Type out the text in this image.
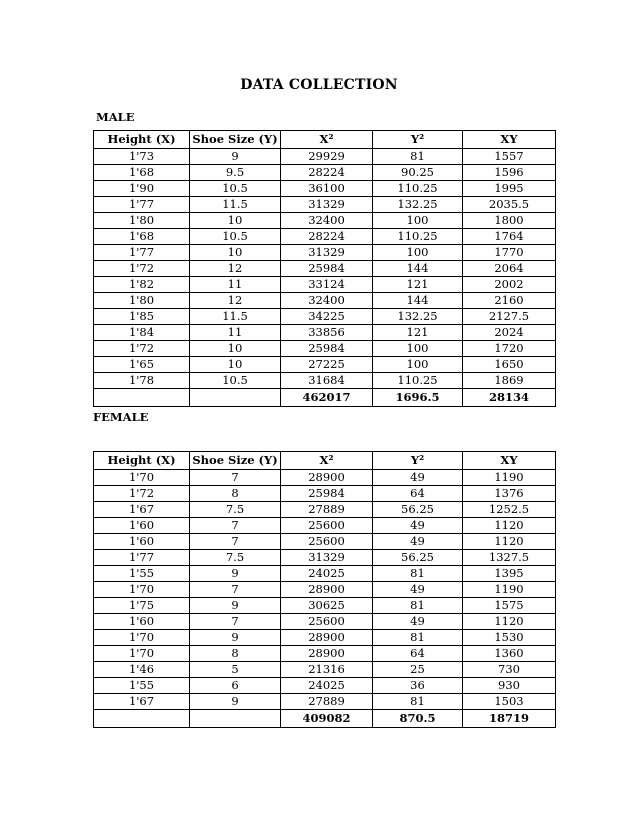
DATA COLLECTION
MALE
Height (X)	Shoe Size (Y)	X²	Y²	XY
1'73	9	29929	81	1557
1'68	9.5	28224	90.25	1596
1'90	10.5	36100	110.25	1995
1'77	11.5	31329	132.25	2035.5
1'80	10	32400	100	1800
1'68	10.5	28224	110.25	1764
1'77	10	31329	100	1770
1'72	12	25984	144	2064
1'82	11	33124	121	2002
1'80	12	32400	144	2160
1'85	11.5	34225	132.25	2127.5
1'84	11	33856	121	2024
1'72	10	25984	100	1720
1'65	10	27225	100	1650
1'78	10.5	31684	110.25	1869
		462017	1696.5	28134
FEMALE
Height (X)	Shoe Size (Y)	X²	Y²	XY
1'70	7	28900	49	1190
1'72	8	25984	64	1376
1'67	7.5	27889	56.25	1252.5
1'60	7	25600	49	1120
1'60	7	25600	49	1120
1'77	7.5	31329	56.25	1327.5
1'55	9	24025	81	1395
1'70	7	28900	49	1190
1'75	9	30625	81	1575
1'60	7	25600	49	1120
1'70	9	28900	81	1530
1'70	8	28900	64	1360
1'46	5	21316	25	730
1'55	6	24025	36	930
1'67	9	27889	81	1503
		409082	870.5	18719
